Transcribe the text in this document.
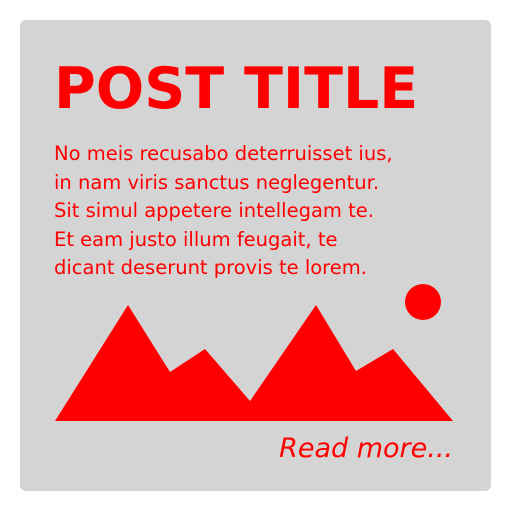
POST TITLE
No meis recusabo deterruisset ius,
in nam viris sanctus neglegentur.
Sit simul appetere intellegam te.
Et eam justo illum feugait, te
dicant deserunt provis te lorem.
Read more...
